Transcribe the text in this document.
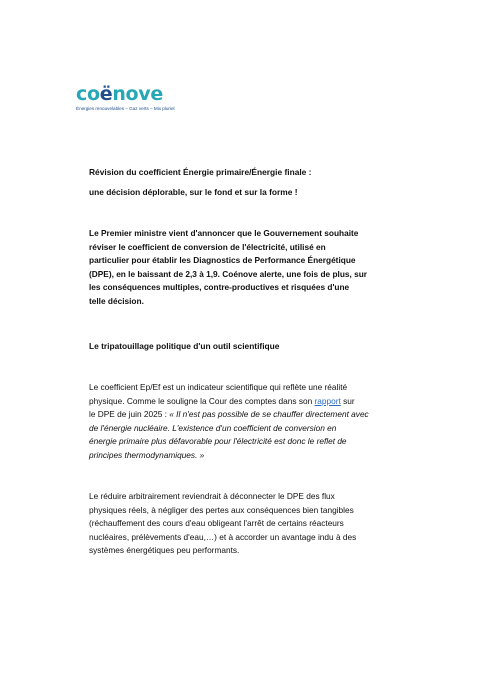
coënove
Énergies renouvelables – Gaz verts – Mix pluriel
Révision du coefficient Énergie primaire/Énergie finale :
une décision déplorable, sur le fond et sur la forme !

Le Premier ministre vient d'annoncer que le Gouvernement souhaite

réviser le coefficient de conversion de l'électricité, utilisé en

particulier pour établir les Diagnostics de Performance Énergétique

(DPE), en le baissant de 2,3 à 1,9. Coénove alerte, une fois de plus, sur

les conséquences multiples, contre-productives et risquées d'une

telle décision.

Le tripatouillage politique d'un outil scientifique

Le coefficient Ep/Ef est un indicateur scientifique qui reflète une réalité

physique. Comme le souligne la Cour des comptes dans son rapport sur

le DPE de juin 2025 : « Il n'est pas possible de se chauffer directement avec

de l'énergie nucléaire. L'existence d'un coefficient de conversion en

énergie primaire plus défavorable pour l'électricité est donc le reflet de

principes thermodynamiques. »

Le réduire arbitrairement reviendrait à déconnecter le DPE des flux

physiques réels, à négliger des pertes aux conséquences bien tangibles

(réchauffement des cours d'eau obligeant l'arrêt de certains réacteurs

nucléaires, prélèvements d'eau,…) et à accorder un avantage indu à des

systèmes énergétiques peu performants.
